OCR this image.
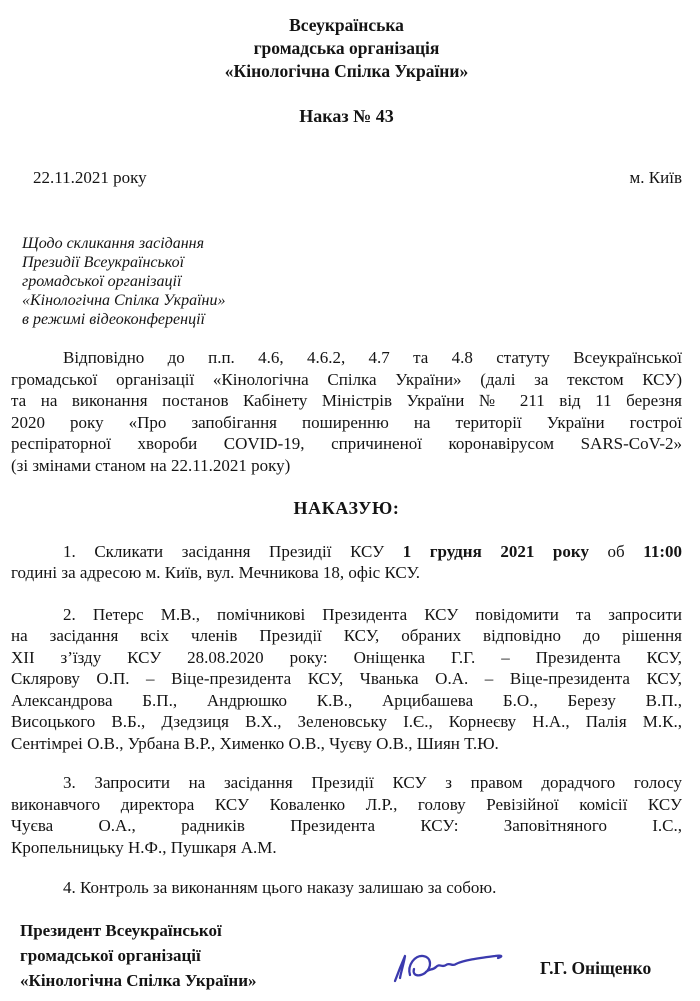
Всеукраїнська
громадська організація
«Кінологічна Спілка України»
Наказ № 43
22.11.2021 року	м. Київ
Щодо скликання засідання
Президії Всеукраїнської
громадської організації
«Кінологічна Спілка України»
в режимі відеоконференції
Відповідно до п.п. 4.6, 4.6.2, 4.7 та 4.8 статуту Всеукраїнської
громадської організації «Кінологічна Спілка України» (далі за текстом КСУ)
та на виконання постанов Кабінету Міністрів України № 211 від 11 березня
2020 року «Про запобігання поширенню на території України гострої
респіраторної хвороби COVID-19, спричиненої коронавірусом SARS-CoV-2»
(зі змінами станом на 22.11.2021 року)
НАКАЗУЮ:
1. Скликати засідання Президії КСУ 1 грудня 2021 року об 11:00
годині за адресою м. Київ, вул. Мечникова 18, офіс КСУ.
2. Петерс М.В., помічникові Президента КСУ повідомити та запросити
на засідання всіх членів Президії КСУ, обраних відповідно до рішення
ХІІ з’їзду КСУ 28.08.2020 року: Оніщенка Г.Г. – Президента КСУ,
Склярову О.П. – Віце-президента КСУ, Чванька О.А. – Віце-президента КСУ,
Александрова Б.П., Андрюшко К.В., Арцибашева Б.О., Березу В.П.,
Висоцького В.Б., Дзедзиця В.Х., Зеленовську І.Є., Корнеєву Н.А., Палія М.К.,
Сентімреі О.В., Урбана В.Р., Хименко О.В., Чуєву О.В., Шиян Т.Ю.
3. Запросити на засідання Президії КСУ з правом дорадчого голосу
виконавчого директора КСУ Коваленко Л.Р., голову Ревізійної комісії КСУ
Чуєва О.А., радників Президента КСУ: Заповітняного І.С.,
Кропельницьку Н.Ф., Пушкаря А.М.
4. Контроль за виконанням цього наказу залишаю за собою.
Президент Всеукраїнської
громадської організації
«Кінологічна Спілка України»
Г.Г. Оніщенко
